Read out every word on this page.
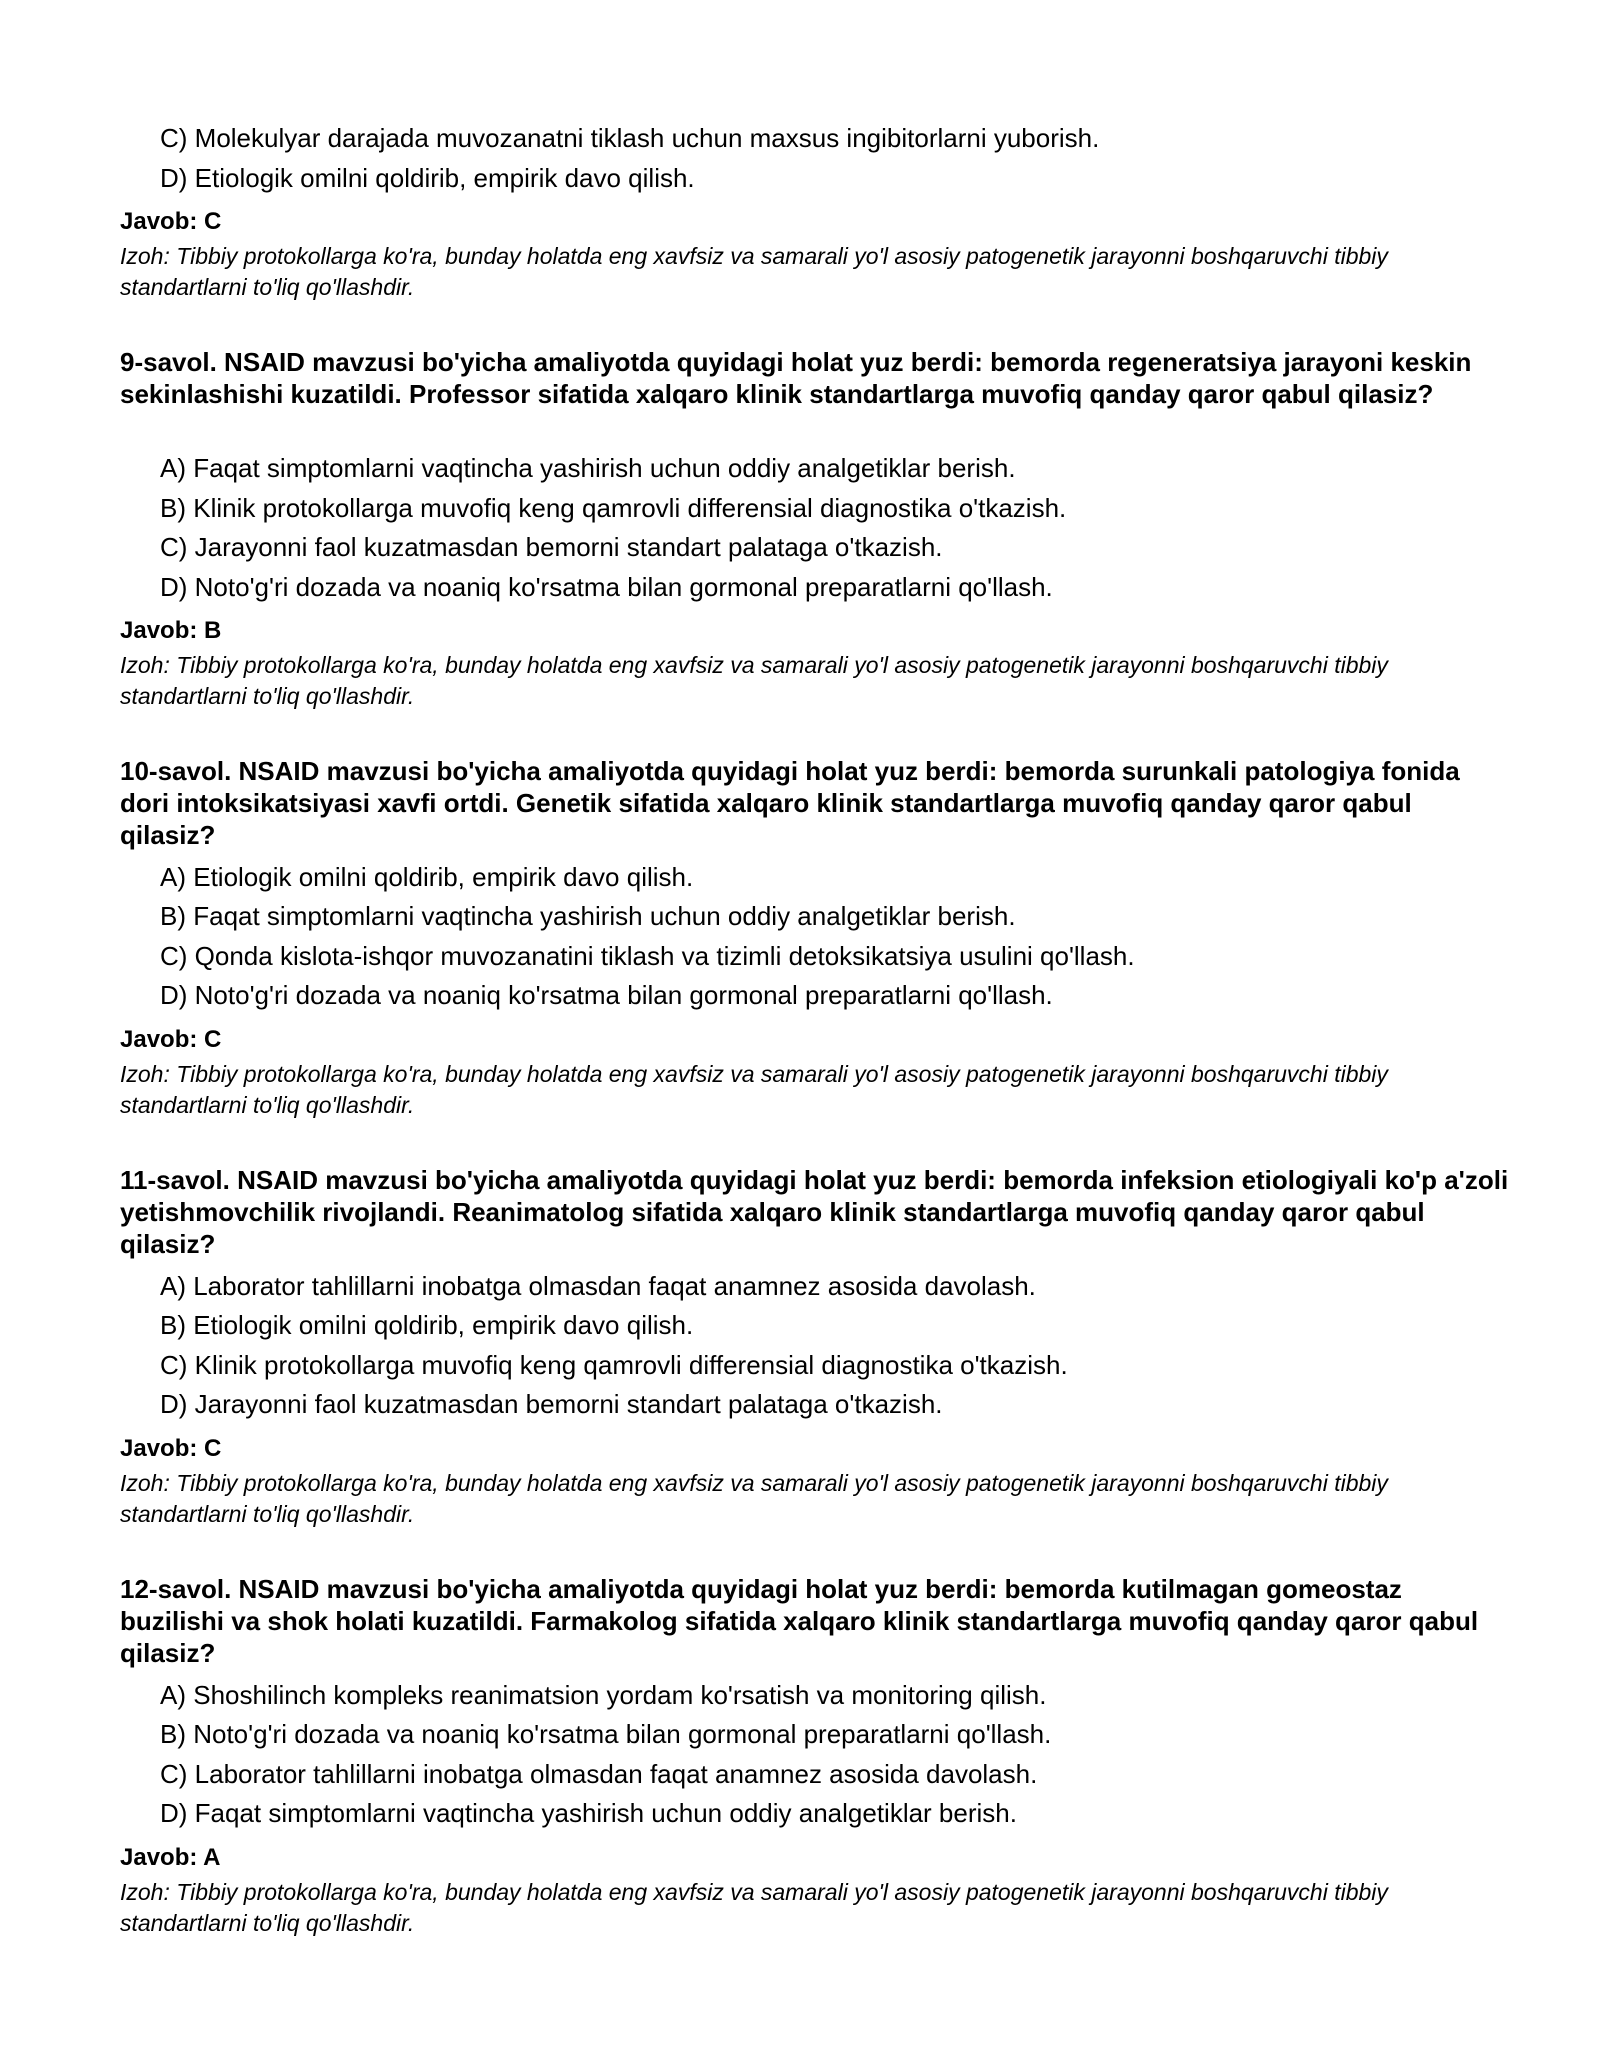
C) Molekulyar darajada muvozanatni tiklash uchun maxsus ingibitorlarni yuborish.
D) Etiologik omilni qoldirib, empirik davo qilish.
Javob: C
Izoh: Tibbiy protokollarga ko'ra, bunday holatda eng xavfsiz va samarali yo'l asosiy patogenetik jarayonni boshqaruvchi tibbiy standartlarni to'liq qo'llashdir.
9-savol. NSAID mavzusi bo'yicha amaliyotda quyidagi holat yuz berdi: bemorda regeneratsiya jarayoni keskin sekinlashishi kuzatildi. Professor sifatida xalqaro klinik standartlarga muvofiq qanday qaror qabul qilasiz?
A) Faqat simptomlarni vaqtincha yashirish uchun oddiy analgetiklar berish.
B) Klinik protokollarga muvofiq keng qamrovli differensial diagnostika o'tkazish.
C) Jarayonni faol kuzatmasdan bemorni standart palataga o'tkazish.
D) Noto'g'ri dozada va noaniq ko'rsatma bilan gormonal preparatlarni qo'llash.
Javob: B
Izoh: Tibbiy protokollarga ko'ra, bunday holatda eng xavfsiz va samarali yo'l asosiy patogenetik jarayonni boshqaruvchi tibbiy standartlarni to'liq qo'llashdir.
10-savol. NSAID mavzusi bo'yicha amaliyotda quyidagi holat yuz berdi: bemorda surunkali patologiya fonida dori intoksikatsiyasi xavfi ortdi. Genetik sifatida xalqaro klinik standartlarga muvofiq qanday qaror qabul qilasiz?
A) Etiologik omilni qoldirib, empirik davo qilish.
B) Faqat simptomlarni vaqtincha yashirish uchun oddiy analgetiklar berish.
C) Qonda kislota-ishqor muvozanatini tiklash va tizimli detoksikatsiya usulini qo'llash.
D) Noto'g'ri dozada va noaniq ko'rsatma bilan gormonal preparatlarni qo'llash.
Javob: C
Izoh: Tibbiy protokollarga ko'ra, bunday holatda eng xavfsiz va samarali yo'l asosiy patogenetik jarayonni boshqaruvchi tibbiy standartlarni to'liq qo'llashdir.
11-savol. NSAID mavzusi bo'yicha amaliyotda quyidagi holat yuz berdi: bemorda infeksion etiologiyali ko'p a'zoli yetishmovchilik rivojlandi. Reanimatolog sifatida xalqaro klinik standartlarga muvofiq qanday qaror qabul qilasiz?
A) Laborator tahlillarni inobatga olmasdan faqat anamnez asosida davolash.
B) Etiologik omilni qoldirib, empirik davo qilish.
C) Klinik protokollarga muvofiq keng qamrovli differensial diagnostika o'tkazish.
D) Jarayonni faol kuzatmasdan bemorni standart palataga o'tkazish.
Javob: C
Izoh: Tibbiy protokollarga ko'ra, bunday holatda eng xavfsiz va samarali yo'l asosiy patogenetik jarayonni boshqaruvchi tibbiy standartlarni to'liq qo'llashdir.
12-savol. NSAID mavzusi bo'yicha amaliyotda quyidagi holat yuz berdi: bemorda kutilmagan gomeostaz buzilishi va shok holati kuzatildi. Farmakolog sifatida xalqaro klinik standartlarga muvofiq qanday qaror qabul qilasiz?
A) Shoshilinch kompleks reanimatsion yordam ko'rsatish va monitoring qilish.
B) Noto'g'ri dozada va noaniq ko'rsatma bilan gormonal preparatlarni qo'llash.
C) Laborator tahlillarni inobatga olmasdan faqat anamnez asosida davolash.
D) Faqat simptomlarni vaqtincha yashirish uchun oddiy analgetiklar berish.
Javob: A
Izoh: Tibbiy protokollarga ko'ra, bunday holatda eng xavfsiz va samarali yo'l asosiy patogenetik jarayonni boshqaruvchi tibbiy standartlarni to'liq qo'llashdir.
